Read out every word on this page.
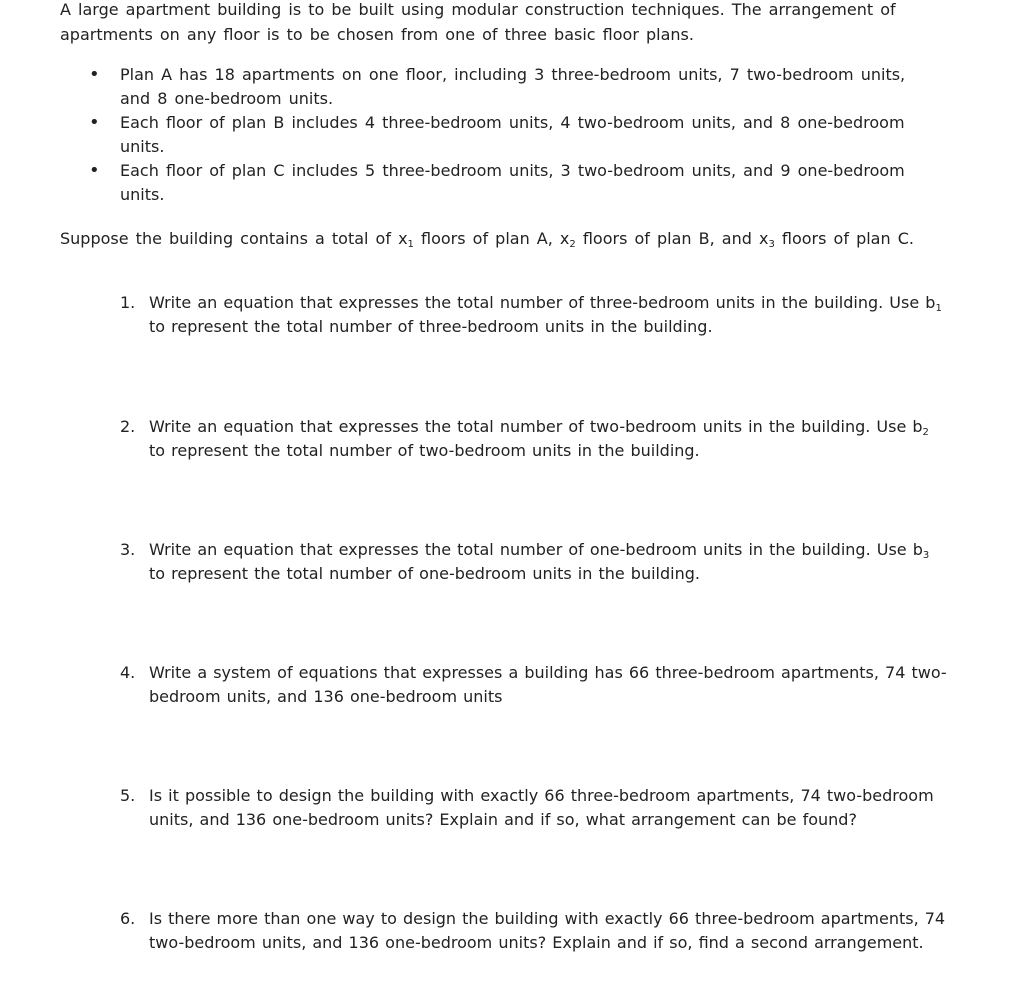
A large apartment building is to be built using modular construction techniques. The arrangement of apartments on any floor is to be chosen from one of three basic floor plans.

• Plan A has 18 apartments on one floor, including 3 three-bedroom units, 7 two-bedroom units, and 8 one-bedroom units.
• Each floor of plan B includes 4 three-bedroom units, 4 two-bedroom units, and 8 one-bedroom units.
• Each floor of plan C includes 5 three-bedroom units, 3 two-bedroom units, and 9 one-bedroom units.

Suppose the building contains a total of $x_1$ floors of plan A, $x_2$ floors of plan B, and $x_3$ floors of plan C.

1. Write an equation that expresses the total number of three-bedroom units in the building. Use $b_1$ to represent the total number of three-bedroom units in the building.
2. Write an equation that expresses the total number of two-bedroom units in the building. Use $b_2$ to represent the total number of two-bedroom units in the building.
3. Write an equation that expresses the total number of one-bedroom units in the building. Use $b_3$ to represent the total number of one-bedroom units in the building.
4. Write a system of equations that expresses a building has 66 three-bedroom apartments, 74 two-bedroom units, and 136 one-bedroom units
5. Is it possible to design the building with exactly 66 three-bedroom apartments, 74 two-bedroom units, and 136 one-bedroom units? Explain and if so, what arrangement can be found?
6. Is there more than one way to design the building with exactly 66 three-bedroom apartments, 74 two-bedroom units, and 136 one-bedroom units? Explain and if so, find a second arrangement.
